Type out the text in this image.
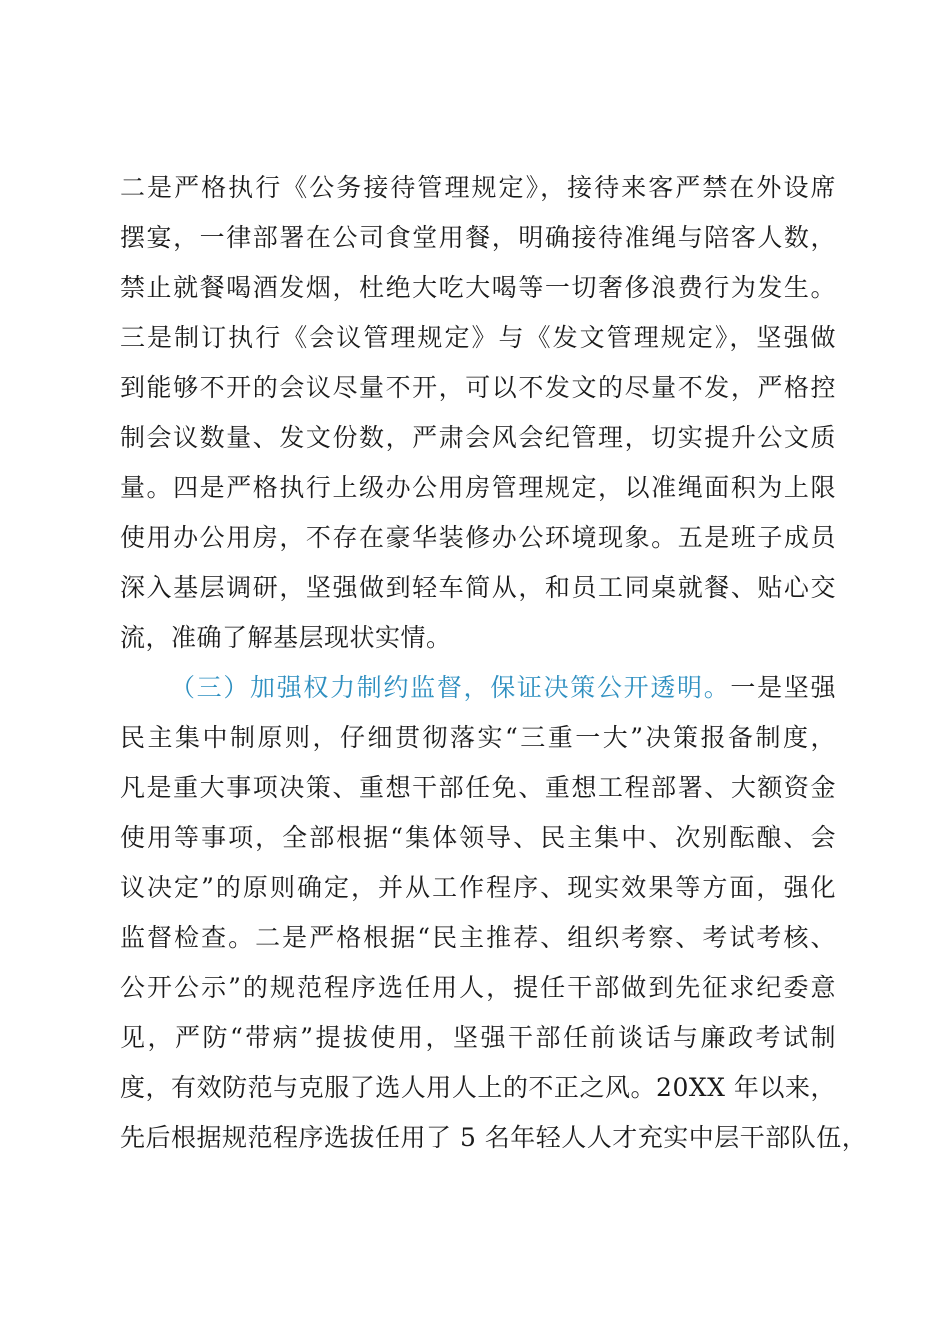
二是严格执行《公务接待管理规定》，接待来客严禁在外设席
摆宴，一律部署在公司食堂用餐，明确接待准绳与陪客人数，
禁止就餐喝酒发烟，杜绝大吃大喝等一切奢侈浪费行为发生。
三是制订执行《会议管理规定》与《发文管理规定》，坚强做
到能够不开的会议尽量不开，可以不发文的尽量不发，严格控
制会议数量、发文份数，严肃会风会纪管理，切实提升公文质
量。四是严格执行上级办公用房管理规定，以准绳面积为上限
使用办公用房，不存在豪华装修办公环境现象。五是班子成员
深入基层调研，坚强做到轻车简从，和员工同桌就餐、贴心交
流，准确了解基层现状实情。
（三）加强权力制约监督，保证决策公开透明。一是坚强
民主集中制原则，仔细贯彻落实“三重一大”决策报备制度，
凡是重大事项决策、重想干部任免、重想工程部署、大额资金
使用等事项，全部根据“集体领导、民主集中、次别酝酿、会
议决定”的原则确定，并从工作程序、现实效果等方面，强化
监督检查。二是严格根据“民主推荐、组织考察、考试考核、
公开公示”的规范程序选任用人，提任干部做到先征求纪委意
见，严防“带病”提拔使用，坚强干部任前谈话与廉政考试制
度，有效防范与克服了选人用人上的不正之风。20XX 年以来，
先后根据规范程序选拔任用了 5 名年轻人人才充实中层干部队伍，
